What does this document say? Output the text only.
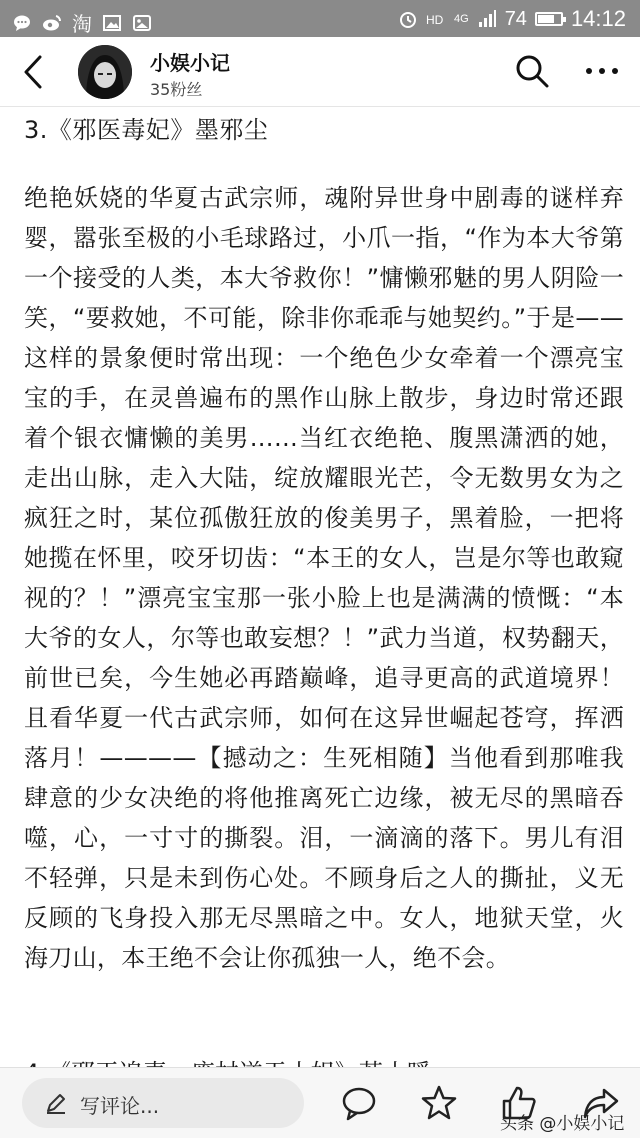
淘	HD 4G 74 14:12
小娱小记
35粉丝
3.《邪医毒妃》墨邪尘
绝艳妖娆的华夏古武宗师，魂附异世身中剧毒的谜样弃婴，嚣张至极的小毛球路过，小爪一指，“作为本大爷第一个接受的人类，本大爷救你！”慵懒邪魅的男人阴险一笑，“要救她，不可能，除非你乖乖与她契约。”于是——这样的景象便时常出现：一个绝色少女牵着一个漂亮宝宝的手，在灵兽遍布的黑作山脉上散步，身边时常还跟着个银衣慵懒的美男……当红衣绝艳、腹黑潇洒的她，走出山脉，走入大陆，绽放耀眼光芒，令无数男女为之疯狂之时，某位孤傲狂放的俊美男子，黑着脸，一把将她揽在怀里，咬牙切齿：“本王的女人，岂是尔等也敢窥视的？！”漂亮宝宝那一张小脸上也是满满的愤慨：“本大爷的女人，尔等也敢妄想？！”武力当道，权势翻天，前世已矣，今生她必再踏巅峰，追寻更高的武道境界！且看华夏一代古武宗师，如何在这异世崛起苍穹，挥洒落月！————【撼动之：生死相随】当他看到那唯我肆意的少女决绝的将他推离死亡边缘，被无尽的黑暗吞噬，心，一寸寸的撕裂。泪，一滴滴的落下。男儿有泪不轻弹，只是未到伤心处。不顾身后之人的撕扯，义无反顾的飞身投入那无尽黑暗之中。女人，地狱天堂，火海刀山，本王绝不会让你孤独一人，绝不会。
写评论...
头条 @小娱小记
